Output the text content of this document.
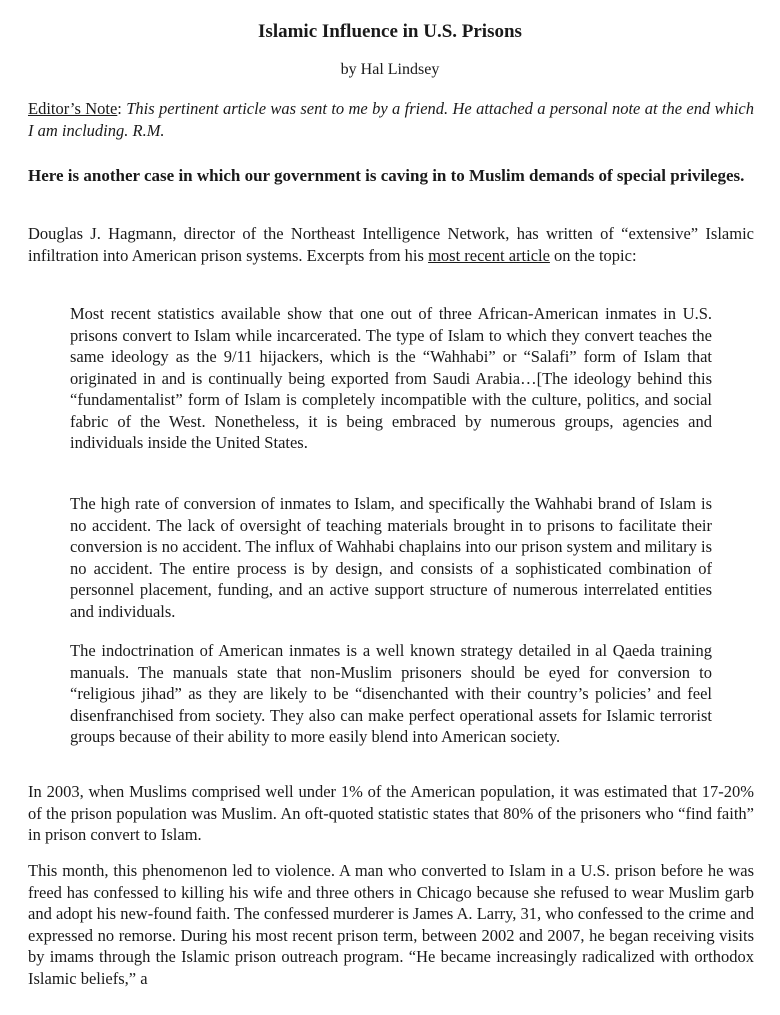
Islamic Influence in U.S. Prisons
by Hal Lindsey

Editor’s Note: This pertinent article was sent to me by a friend. He attached a personal note at the end which I am including. R.M.

Here is another case in which our government is caving in to Muslim demands of special privileges.

Douglas J. Hagmann, director of the Northeast Intelligence Network, has written of “extensive” Islamic infiltration into American prison systems. Excerpts from his most recent article on the topic:

Most recent statistics available show that one out of three African-American inmates in U.S. prisons convert to Islam while incarcerated. The type of Islam to which they convert teaches the same ideology as the 9/11 hijackers, which is the “Wahhabi” or “Salafi” form of Islam that originated in and is continually being exported from Saudi Arabia…[The ideology behind this “fundamentalist” form of Islam is completely incompatible with the culture, politics, and social fabric of the West. Nonetheless, it is being embraced by numerous groups, agencies and individuals inside the United States.

The high rate of conversion of inmates to Islam, and specifically the Wahhabi brand of Islam is no accident. The lack of oversight of teaching materials brought in to prisons to facilitate their conversion is no accident. The influx of Wahhabi chaplains into our prison system and military is no accident. The entire process is by design, and consists of a sophisticated combination of personnel placement, funding, and an active support structure of numerous interrelated entities and individuals.

The indoctrination of American inmates is a well known strategy detailed in al Qaeda training manuals. The manuals state that non-Muslim prisoners should be eyed for conversion to “religious jihad” as they are likely to be “disenchanted with their country’s policies’ and feel disenfranchised from society. They also can make perfect operational assets for Islamic terrorist groups because of their ability to more easily blend into American society.

In 2003, when Muslims comprised well under 1% of the American population, it was estimated that 17-20% of the prison population was Muslim. An oft-quoted statistic states that 80% of the prisoners who “find faith” in prison convert to Islam.

This month, this phenomenon led to violence. A man who converted to Islam in a U.S. prison before he was freed has confessed to killing his wife and three others in Chicago because she refused to wear Muslim garb and adopt his new-found faith. The confessed murderer is James A. Larry, 31, who confessed to the crime and expressed no remorse. During his most recent prison term, between 2002 and 2007, he began receiving visits by imams through the Islamic prison outreach program. “He became increasingly radicalized with orthodox Islamic beliefs,” a
